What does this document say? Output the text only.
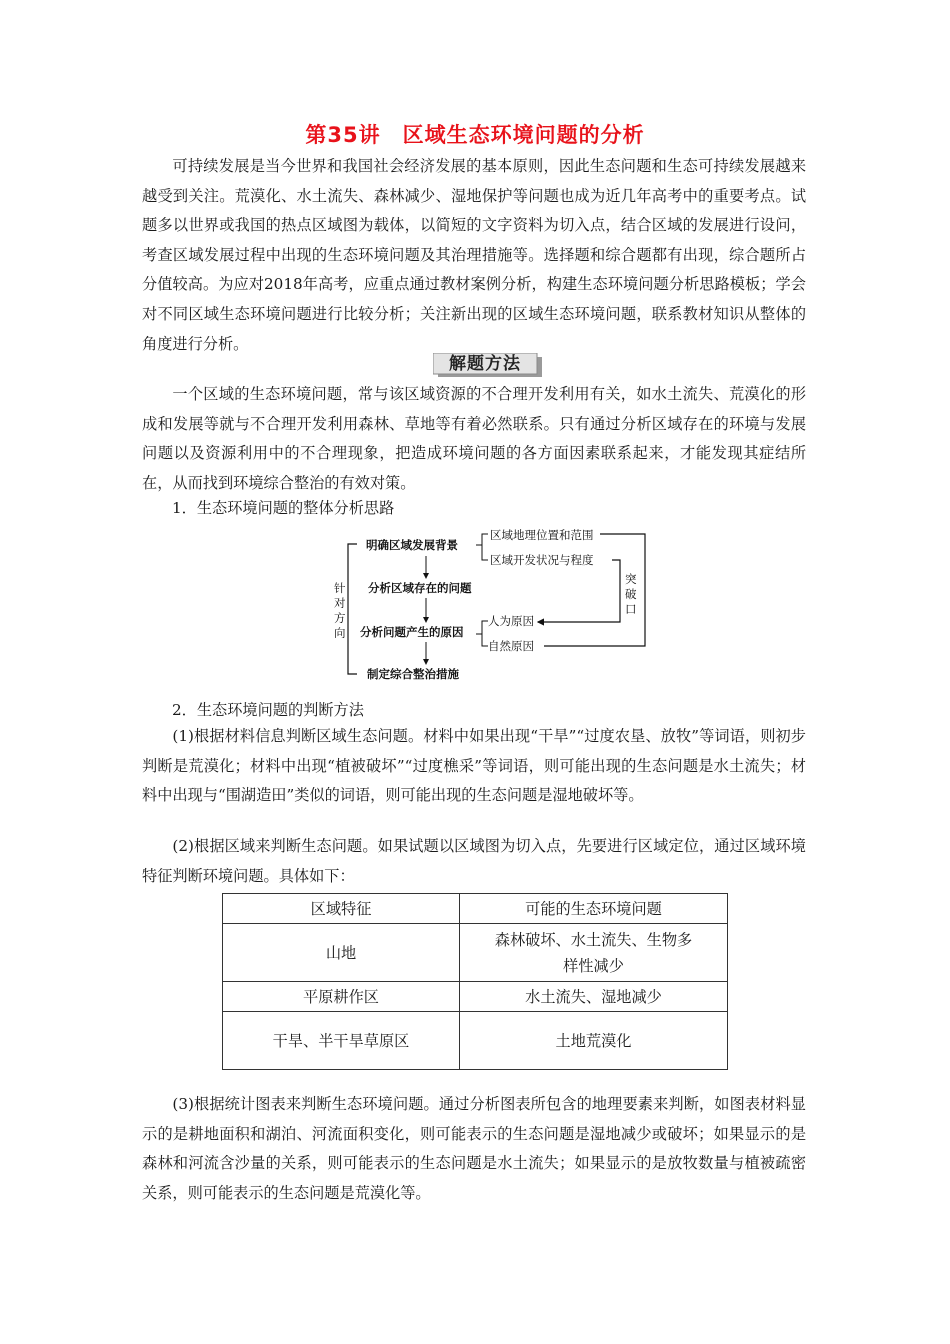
第35讲 区域生态环境问题的分析

可持续发展是当今世界和我国社会经济发展的基本原则，因此生态问题和生态可持续发展越来越受到关注。荒漠化、水土流失、森林减少、湿地保护等问题也成为近几年高考中的重要考点。试题多以世界或我国的热点区域图为载体，以简短的文字资料为切入点，结合区域的发展进行设问，考查区域发展过程中出现的生态环境问题及其治理措施等。选择题和综合题都有出现，综合题所占分值较高。为应对2018年高考，应重点通过教材案例分析，构建生态环境问题分析思路模板；学会对不同区域生态环境问题进行比较分析；关注新出现的区域生态环境问题，联系教材知识从整体的角度进行分析。

解题方法

一个区域的生态环境问题，常与该区域资源的不合理开发利用有关，如水土流失、荒漠化的形成和发展等就与不合理开发利用森林、草地等有着必然联系。只有通过分析区域存在的环境与发展问题以及资源利用中的不合理现象，把造成环境问题的各方面因素联系起来，才能发现其症结所在，从而找到环境综合整治的有效对策。

1．生态环境问题的整体分析思路
针
对
方
向
明确区域发展背景
分析区域存在的问题
分析问题产生的原因
制定综合整治措施
区域地理位置和范围
区域开发状况与程度
人为原因
自然原因
突
破
口
2．生态环境问题的判断方法

(1)根据材料信息判断区域生态问题。材料中如果出现“干旱”“过度农垦、放牧”等词语，则初步判断是荒漠化；材料中出现“植被破坏”“过度樵采”等词语，则可能出现的生态问题是水土流失；材料中出现与“围湖造田”类似的词语，则可能出现的生态问题是湿地破坏等。

(2)根据区域来判断生态问题。如果试题以区域图为切入点，先要进行区域定位，通过区域环境特征判断环境问题。具体如下：

区域特征	可能的生态环境问题
山地	森林破坏、水土流失、生物多样性减少
平原耕作区	水土流失、湿地减少
干旱、半干旱草原区	土地荒漠化

(3)根据统计图表来判断生态环境问题。通过分析图表所包含的地理要素来判断，如图表材料显示的是耕地面积和湖泊、河流面积变化，则可能表示的生态问题是湿地减少或破坏；如果显示的是森林和河流含沙量的关系，则可能表示的生态问题是水土流失；如果显示的是放牧数量与植被疏密关系，则可能表示的生态问题是荒漠化等。
